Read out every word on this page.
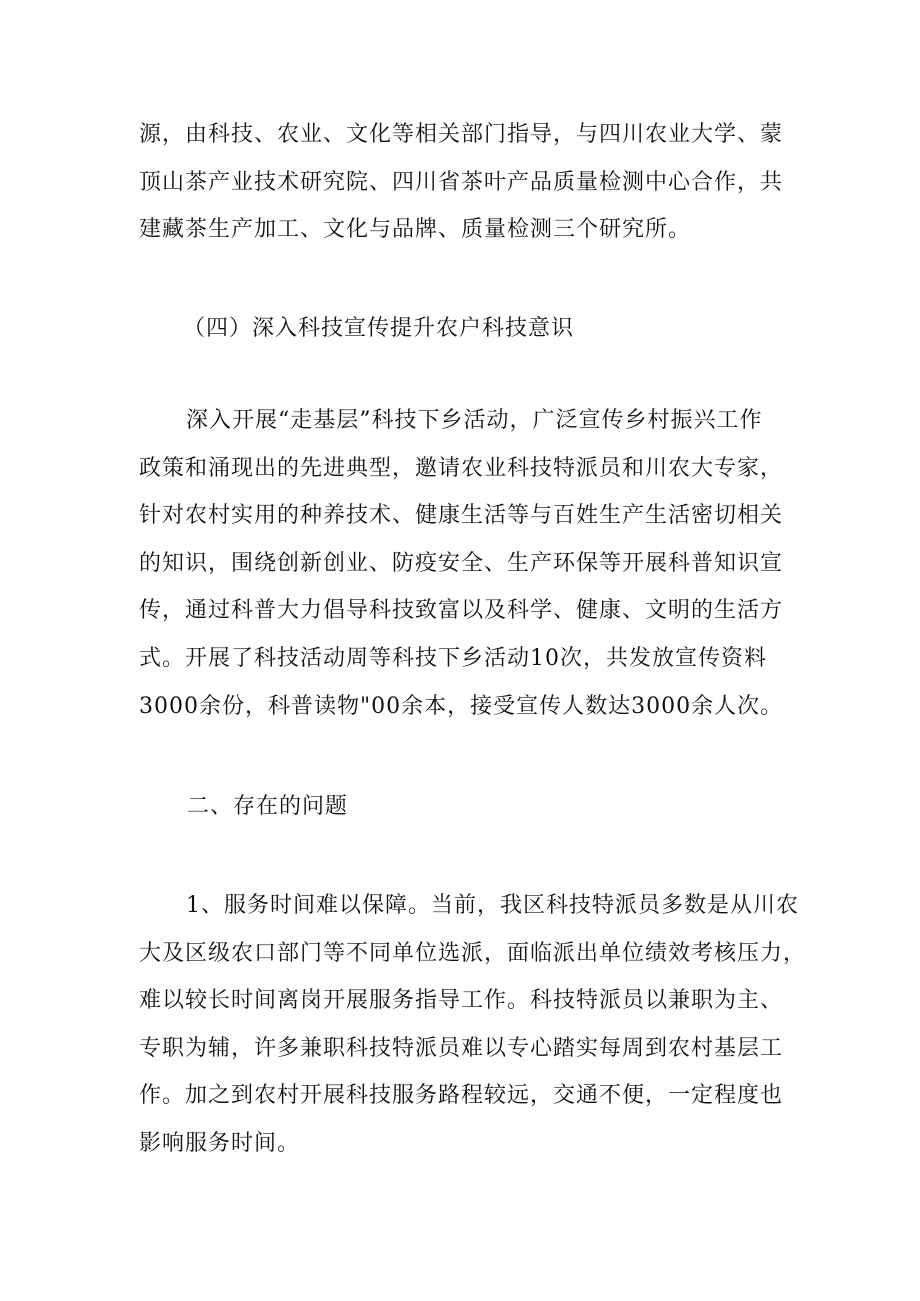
源，由科技、农业、文化等相关部门指导，与四川农业大学、蒙
顶山茶产业技术研究院、四川省茶叶产品质量检测中心合作，共
建藏茶生产加工、文化与品牌、质量检测三个研究所。
（四）深入科技宣传提升农户科技意识
深入开展“走基层”科技下乡活动，广泛宣传乡村振兴工作
政策和涌现出的先进典型，邀请农业科技特派员和川农大专家，
针对农村实用的种养技术、健康生活等与百姓生产生活密切相关
的知识，围绕创新创业、防疫安全、生产环保等开展科普知识宣
传，通过科普大力倡导科技致富以及科学、健康、文明的生活方
式。开展了科技活动周等科技下乡活动10次，共发放宣传资料
3000余份，科普读物"00余本，接受宣传人数达3000余人次。
二、存在的问题
1、服务时间难以保障。当前，我区科技特派员多数是从川农
大及区级农口部门等不同单位选派，面临派出单位绩效考核压力，
难以较长时间离岗开展服务指导工作。科技特派员以兼职为主、
专职为辅，许多兼职科技特派员难以专心踏实每周到农村基层工
作。加之到农村开展科技服务路程较远，交通不便，一定程度也
影响服务时间。
